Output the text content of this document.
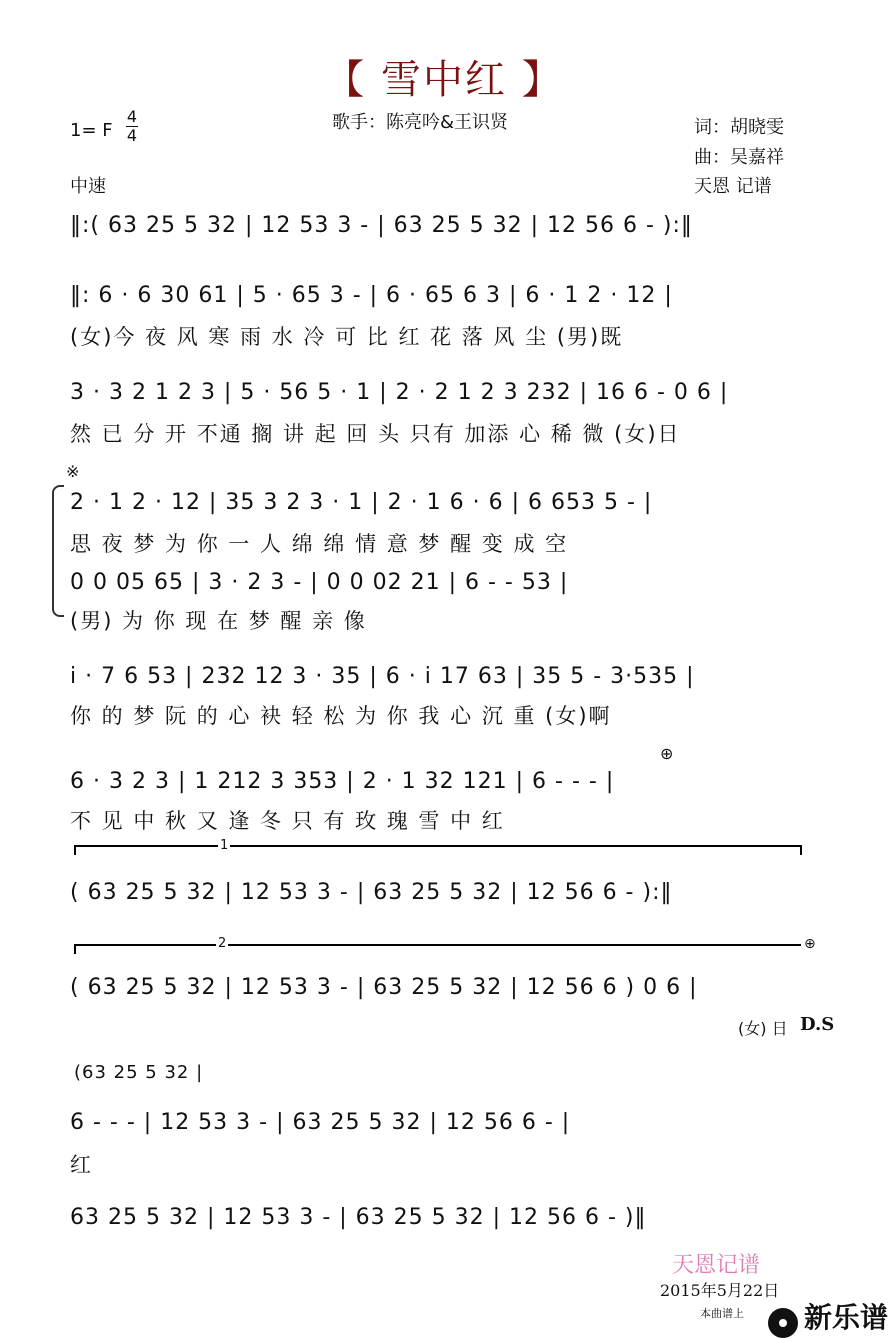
【 雪中红 】
1= F
4
4
中速
歌手：陈亮吟&王识贤	词：胡晓雯
曲：吴嘉祥
天恩 记谱
‖:( 63 25 5 32 | 12 53 3 - | 63 25 5 32 | 12 56 6 - ):‖
‖: 6 · 6 30 61 | 5 · 65 3 - | 6 · 65 6 3 | 6 · 1 2 · 12 |
(女)今 夜 风 寒 雨 水 冷 可 比 红 花 落 风 尘 (男)既
3 · 3 2 1 2 3 | 5 · 56 5 · 1 | 2 · 2 1 2 3 232 | 16 6 - 0 6 |
然 已 分 开 不通 搁 讲 起 回 头 只有 加添 心 稀 微 (女)日
※
2 · 1 2 · 12 | 35 3 2 3 · 1 | 2 · 1 6 · 6 | 6 653 5 - |
思 夜 梦 为 你 一 人 绵 绵 情 意 梦 醒 变 成 空
0 0 05 65 | 3 · 2 3 - | 0 0 02 21 | 6 - - 53 |
(男) 为 你 现 在 梦 醒 亲 像
i · 7 6 53 | 232 12 3 · 35 | 6 · i 17 63 | 35 5 - 3·535 |
你 的 梦 阮 的 心 袂 轻 松 为 你 我 心 沉 重 (女)啊
⊕
6 · 3 2 3 | 1 212 3 353 | 2 · 1 32 121 | 6 - - - |
不 见 中 秋 又 逢 冬 只 有 玫 瑰 雪 中 红
1
( 63 25 5 32 | 12 53 3 - | 63 25 5 32 | 12 56 6 - ):‖
2	⊕
( 63 25 5 32 | 12 53 3 - | 63 25 5 32 | 12 56 6 ) 0 6 |
(女) 日 D.S
(63 25 5 32 |
6 - - - | 12 53 3 - | 63 25 5 32 | 12 56 6 - |
红
63 25 5 32 | 12 53 3 - | 63 25 5 32 | 12 56 6 - )‖
天恩记谱
2015年5月22日
本曲谱上	新乐谱
